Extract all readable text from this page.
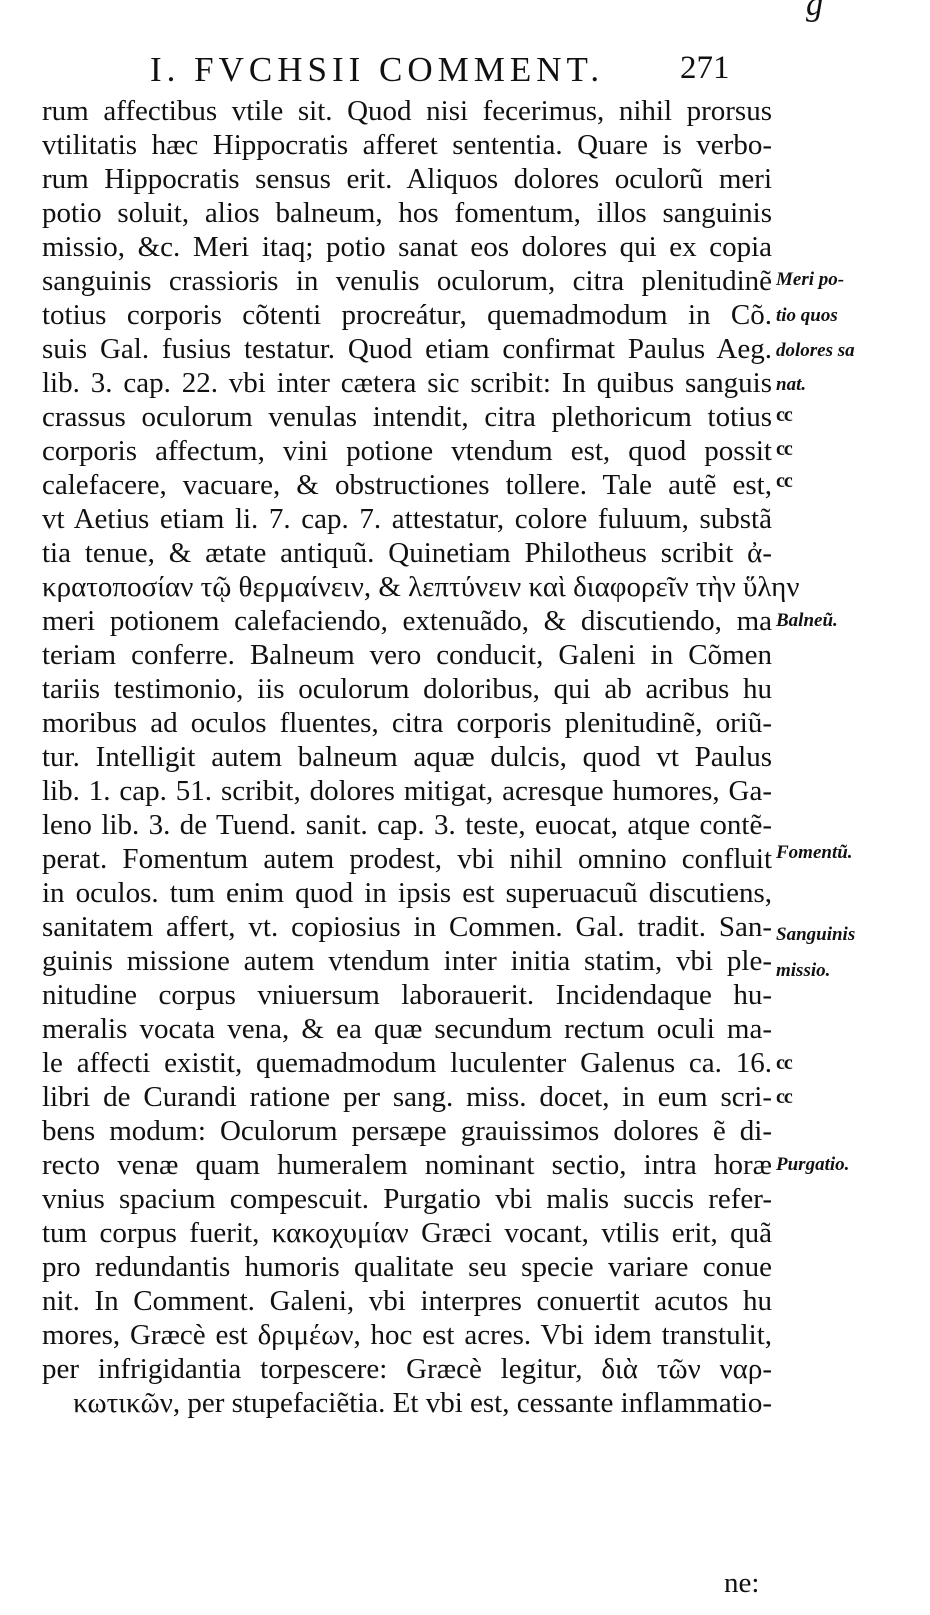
g
I. FVCHSII COMMENT. 271
rum affectibus vtile sit. Quod nisi fecerimus, nihil prorsus
vtilitatis hæc Hippocratis afferet sententia. Quare is verbo-
rum Hippocratis sensus erit. Aliquos dolores oculorũ meri
potio soluit, alios balneum, hos fomentum, illos sanguinis
missio, &c. Meri itaq; potio sanat eos dolores qui ex copia
sanguinis crassioris in venulis oculorum, citra plenitudinẽ
totius corporis cõtenti procreátur, quemadmodum in Cõ.
suis Gal. fusius testatur. Quod etiam confirmat Paulus Aeg.
lib. 3. cap. 22. vbi inter cætera sic scribit: In quibus sanguis
crassus oculorum venulas intendit, citra plethoricum totius
corporis affectum, vini potione vtendum est, quod possit
calefacere, vacuare, & obstructiones tollere. Tale autẽ est,
vt Aetius etiam li. 7. cap. 7. attestatur, colore fuluum, substã
tia tenue, & ætate antiquũ. Quinetiam Philotheus scribit ἀ-
κρατοποσίαν τῷ θερμαίνειν, & λεπτύνειν καὶ διαφορεῖν τὴν ὕλην
meri potionem calefaciendo, extenuãdo, & discutiendo, ma
teriam conferre. Balneum vero conducit, Galeni in Cõmen
tariis testimonio, iis oculorum doloribus, qui ab acribus hu
moribus ad oculos fluentes, citra corporis plenitudinẽ, oriũ-
tur. Intelligit autem balneum aquæ dulcis, quod vt Paulus
lib. 1. cap. 51. scribit, dolores mitigat, acresque humores, Ga-
leno lib. 3. de Tuend. sanit. cap. 3. teste, euocat, atque contẽ-
perat. Fomentum autem prodest, vbi nihil omnino confluit
in oculos. tum enim quod in ipsis est superuacuũ discutiens,
sanitatem affert, vt. copiosius in Commen. Gal. tradit. San-
guinis missione autem vtendum inter initia statim, vbi ple-
nitudine corpus vniuersum laborauerit. Incidendaque hu-
meralis vocata vena, & ea quæ secundum rectum oculi ma-
le affecti existit, quemadmodum luculenter Galenus ca. 16.
libri de Curandi ratione per sang. miss. docet, in eum scri-
bens modum: Oculorum persæpe grauissimos dolores ẽ di-
recto venæ quam humeralem nominant sectio, intra horæ
vnius spacium compescuit. Purgatio vbi malis succis refer-
tum corpus fuerit, κακοχυμίαν Græci vocant, vtilis erit, quã
pro redundantis humoris qualitate seu specie variare conue
nit. In Comment. Galeni, vbi interpres conuertit acutos hu
mores, Græcè est δριμέων, hoc est acres. Vbi idem transtulit,
per infrigidantia torpescere: Græcè legitur, διὰ τῶν ναρ-
κωτικῶν, per stupefaciẽtia. Et vbi est, cessante inflammatio-
Meri po-
tio quos
dolores sa
nat.
cc
cc
cc
Balneũ.
Fomentũ.
Sanguinis
missio.
cc
cc
Purgatio.
ne:
